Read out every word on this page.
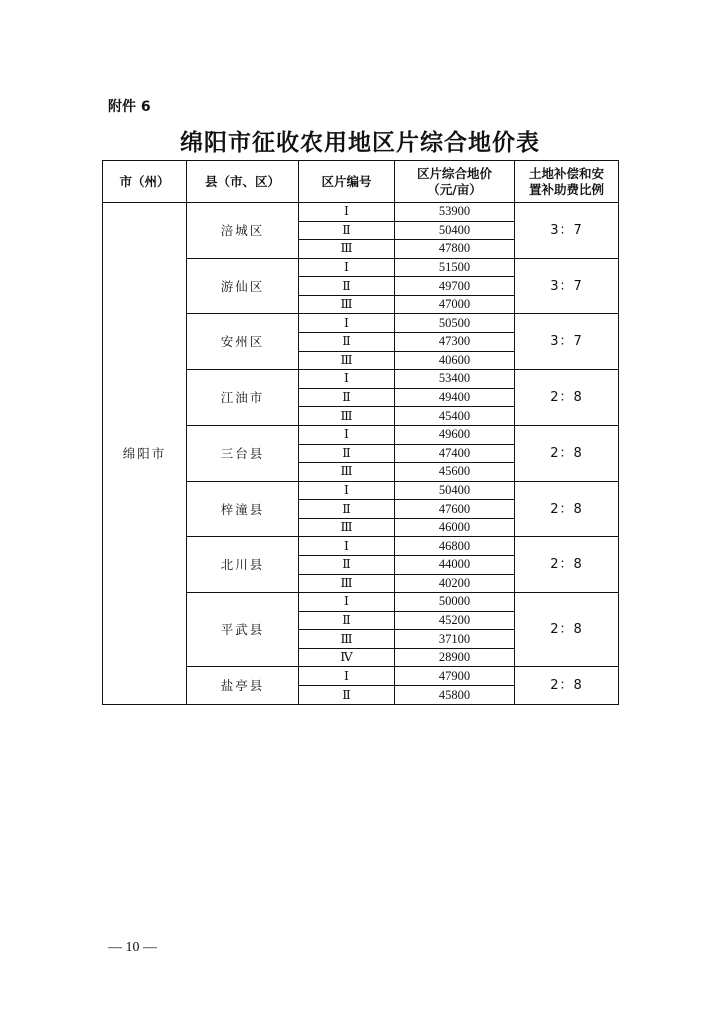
附件 6
绵阳市征收农用地区片综合地价表
市（州）	县（市、区）	区片编号	区片综合地价
（元/亩）	土地补偿和安
置补助费比例
绵阳市	涪城区	Ⅰ	53900	3：7
		Ⅱ	50400	
		Ⅲ	47800	
	游仙区	Ⅰ	51500	3：7
		Ⅱ	49700	
		Ⅲ	47000	
	安州区	Ⅰ	50500	3：7
		Ⅱ	47300	
		Ⅲ	40600	
	江油市	Ⅰ	53400	2：8
		Ⅱ	49400	
		Ⅲ	45400	
	三台县	Ⅰ	49600	2：8
		Ⅱ	47400	
		Ⅲ	45600	
	梓潼县	Ⅰ	50400	2：8
		Ⅱ	47600	
		Ⅲ	46000	
	北川县	Ⅰ	46800	2：8
		Ⅱ	44000	
		Ⅲ	40200	
	平武县	Ⅰ	50000	2：8
		Ⅱ	45200	
		Ⅲ	37100	
		Ⅳ	28900	
	盐亭县	Ⅰ	47900	2：8
		Ⅱ	45800	
— 10 —
